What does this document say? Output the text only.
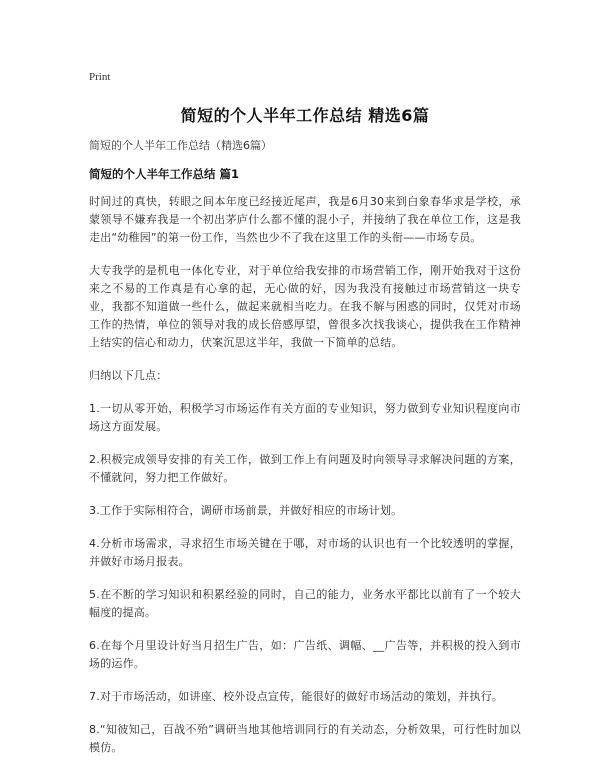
Print

简短的个人半年工作总结 精选6篇

简短的个人半年工作总结（精选6篇）

简短的个人半年工作总结 篇1

时间过的真快，转眼之间本年度已经接近尾声，我是6月30来到白象春华求是学校，承蒙领导不嫌弃我是一个初出茅庐什么都不懂的混小子，并接纳了我在单位工作，这是我走出“幼稚园”的第一份工作，当然也少不了我在这里工作的头衔——市场专员。

大专我学的是机电一体化专业，对于单位给我安排的市场营销工作，刚开始我对于这份来之不易的工作真是有心拿的起，无心做的好，因为我没有接触过市场营销这一块专业，我都不知道做一些什么，做起来就相当吃力。在我不解与困惑的同时，仅凭对市场工作的热情，单位的领导对我的成长倍感厚望，曾很多次找我谈心，提供我在工作精神上结实的信心和动力，伏案沉思这半年，我做一下简单的总结。

归纳以下几点：

1.一切从零开始，积极学习市场运作有关方面的专业知识，努力做到专业知识程度向市场这方面发展。

2.积极完成领导安排的有关工作，做到工作上有问题及时向领导寻求解决问题的方案，不懂就问，努力把工作做好。

3.工作于实际相符合，调研市场前景，并做好相应的市场计划。

4.分析市场需求，寻求招生市场关键在于哪，对市场的认识也有一个比较透明的掌握，并做好市场月报表。

5.在不断的学习知识和积累经验的同时，自己的能力，业务水平都比以前有了一个较大幅度的提高。

6.在每个月里设计好当月招生广告，如：广告纸、调幅、__广告等，并积极的投入到市场的运作。

7.对于市场活动，如讲座、校外设点宣传，能很好的做好市场活动的策划，并执行。

8.“知彼知己，百战不殆”调研当地其他培训同行的有关动态，分析效果，可行性时加以模仿。
